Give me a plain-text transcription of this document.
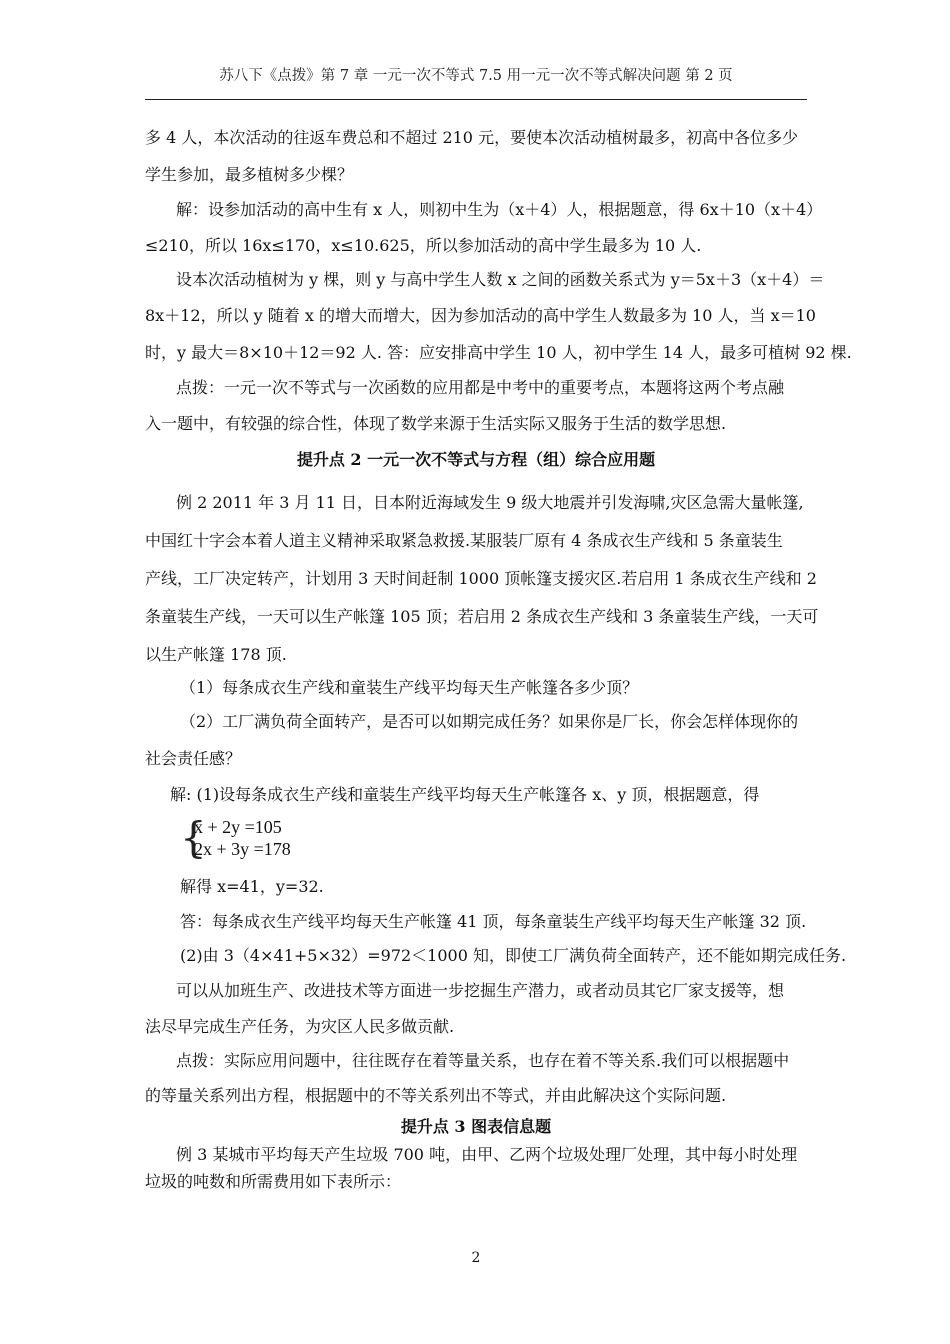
苏八下《点拨》第 7 章 一元一次不等式 7.5 用一元一次不等式解决问题 第 2 页
多 4 人，本次活动的往返车费总和不超过 210 元，要使本次活动植树最多，初高中各位多少
学生参加，最多植树多少棵？
解：设参加活动的高中生有 x 人，则初中生为（x＋4）人，根据题意，得 6x＋10（x＋4）
≤210，所以 16x≤170，x≤10.625，所以参加活动的高中学生最多为 10 人.
设本次活动植树为 y 棵，则 y 与高中学生人数 x 之间的函数关系式为 y＝5x＋3（x＋4）＝
8x＋12，所以 y 随着 x 的增大而增大，因为参加活动的高中学生人数最多为 10 人，当 x＝10
时，y 最大＝8×10＋12＝92 人. 答：应安排高中学生 10 人，初中学生 14 人，最多可植树 92 棵.
点拨：一元一次不等式与一次函数的应用都是中考中的重要考点，本题将这两个考点融
入一题中，有较强的综合性，体现了数学来源于生活实际又服务于生活的数学思想.
提升点 2 一元一次不等式与方程（组）综合应用题
例 2 2011 年 3 月 11 日，日本附近海域发生 9 级大地震并引发海啸,灾区急需大量帐篷,
中国红十字会本着人道主义精神采取紧急救援.某服装厂原有 4 条成衣生产线和 5 条童装生
产线，工厂决定转产，计划用 3 天时间赶制 1000 顶帐篷支援灾区.若启用 1 条成衣生产线和 2
条童装生产线，一天可以生产帐篷 105 顶；若启用 2 条成衣生产线和 3 条童装生产线，一天可
以生产帐篷 178 顶.
（1）每条成衣生产线和童装生产线平均每天生产帐篷各多少顶？
（2）工厂满负荷全面转产，是否可以如期完成任务？如果你是厂长，你会怎样体现你的
社会责任感？
解: (1)设每条成衣生产线和童装生产线平均每天生产帐篷各 x、y 顶，根据题意，得
{
x + 2y =105
2x + 3y =178
解得 x=41，y=32.
答：每条成衣生产线平均每天生产帐篷 41 顶，每条童装生产线平均每天生产帐篷 32 顶.
(2)由 3（4×41+5×32）=972＜1000 知，即使工厂满负荷全面转产，还不能如期完成任务.
可以从加班生产、改进技术等方面进一步挖掘生产潜力，或者动员其它厂家支援等，想
法尽早完成生产任务，为灾区人民多做贡献.
点拨：实际应用问题中，往往既存在着等量关系，也存在着不等关系.我们可以根据题中
的等量关系列出方程，根据题中的不等关系列出不等式，并由此解决这个实际问题.
提升点 3 图表信息题
例 3 某城市平均每天产生垃圾 700 吨，由甲、乙两个垃圾处理厂处理，其中每小时处理
垃圾的吨数和所需费用如下表所示：
2
